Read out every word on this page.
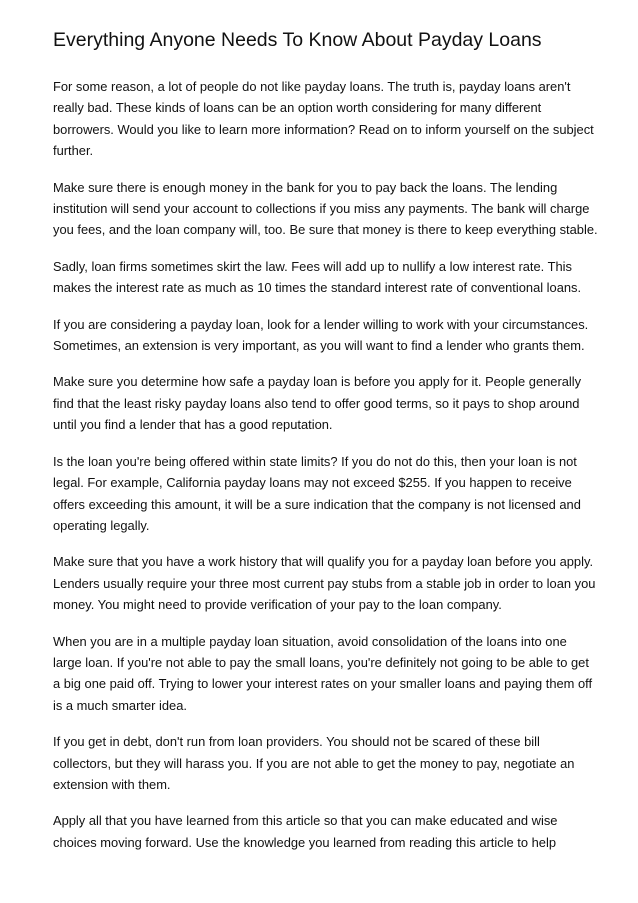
Everything Anyone Needs To Know About Payday Loans

For some reason, a lot of people do not like payday loans. The truth is, payday loans aren't really bad. These kinds of loans can be an option worth considering for many different borrowers. Would you like to learn more information? Read on to inform yourself on the subject further.

Make sure there is enough money in the bank for you to pay back the loans. The lending institution will send your account to collections if you miss any payments. The bank will charge you fees, and the loan company will, too. Be sure that money is there to keep everything stable.

Sadly, loan firms sometimes skirt the law. Fees will add up to nullify a low interest rate. This makes the interest rate as much as 10 times the standard interest rate of conventional loans.

If you are considering a payday loan, look for a lender willing to work with your circumstances. Sometimes, an extension is very important, as you will want to find a lender who grants them.

Make sure you determine how safe a payday loan is before you apply for it. People generally find that the least risky payday loans also tend to offer good terms, so it pays to shop around until you find a lender that has a good reputation.

Is the loan you're being offered within state limits? If you do not do this, then your loan is not legal. For example, California payday loans may not exceed $255. If you happen to receive offers exceeding this amount, it will be a sure indication that the company is not licensed and operating legally.

Make sure that you have a work history that will qualify you for a payday loan before you apply. Lenders usually require your three most current pay stubs from a stable job in order to loan you money. You might need to provide verification of your pay to the loan company.

When you are in a multiple payday loan situation, avoid consolidation of the loans into one large loan. If you're not able to pay the small loans, you're definitely not going to be able to get a big one paid off. Trying to lower your interest rates on your smaller loans and paying them off is a much smarter idea.

If you get in debt, don't run from loan providers. You should not be scared of these bill collectors, but they will harass you. If you are not able to get the money to pay, negotiate an extension with them.

Apply all that you have learned from this article so that you can make educated and wise choices moving forward. Use the knowledge you learned from reading this article to help
